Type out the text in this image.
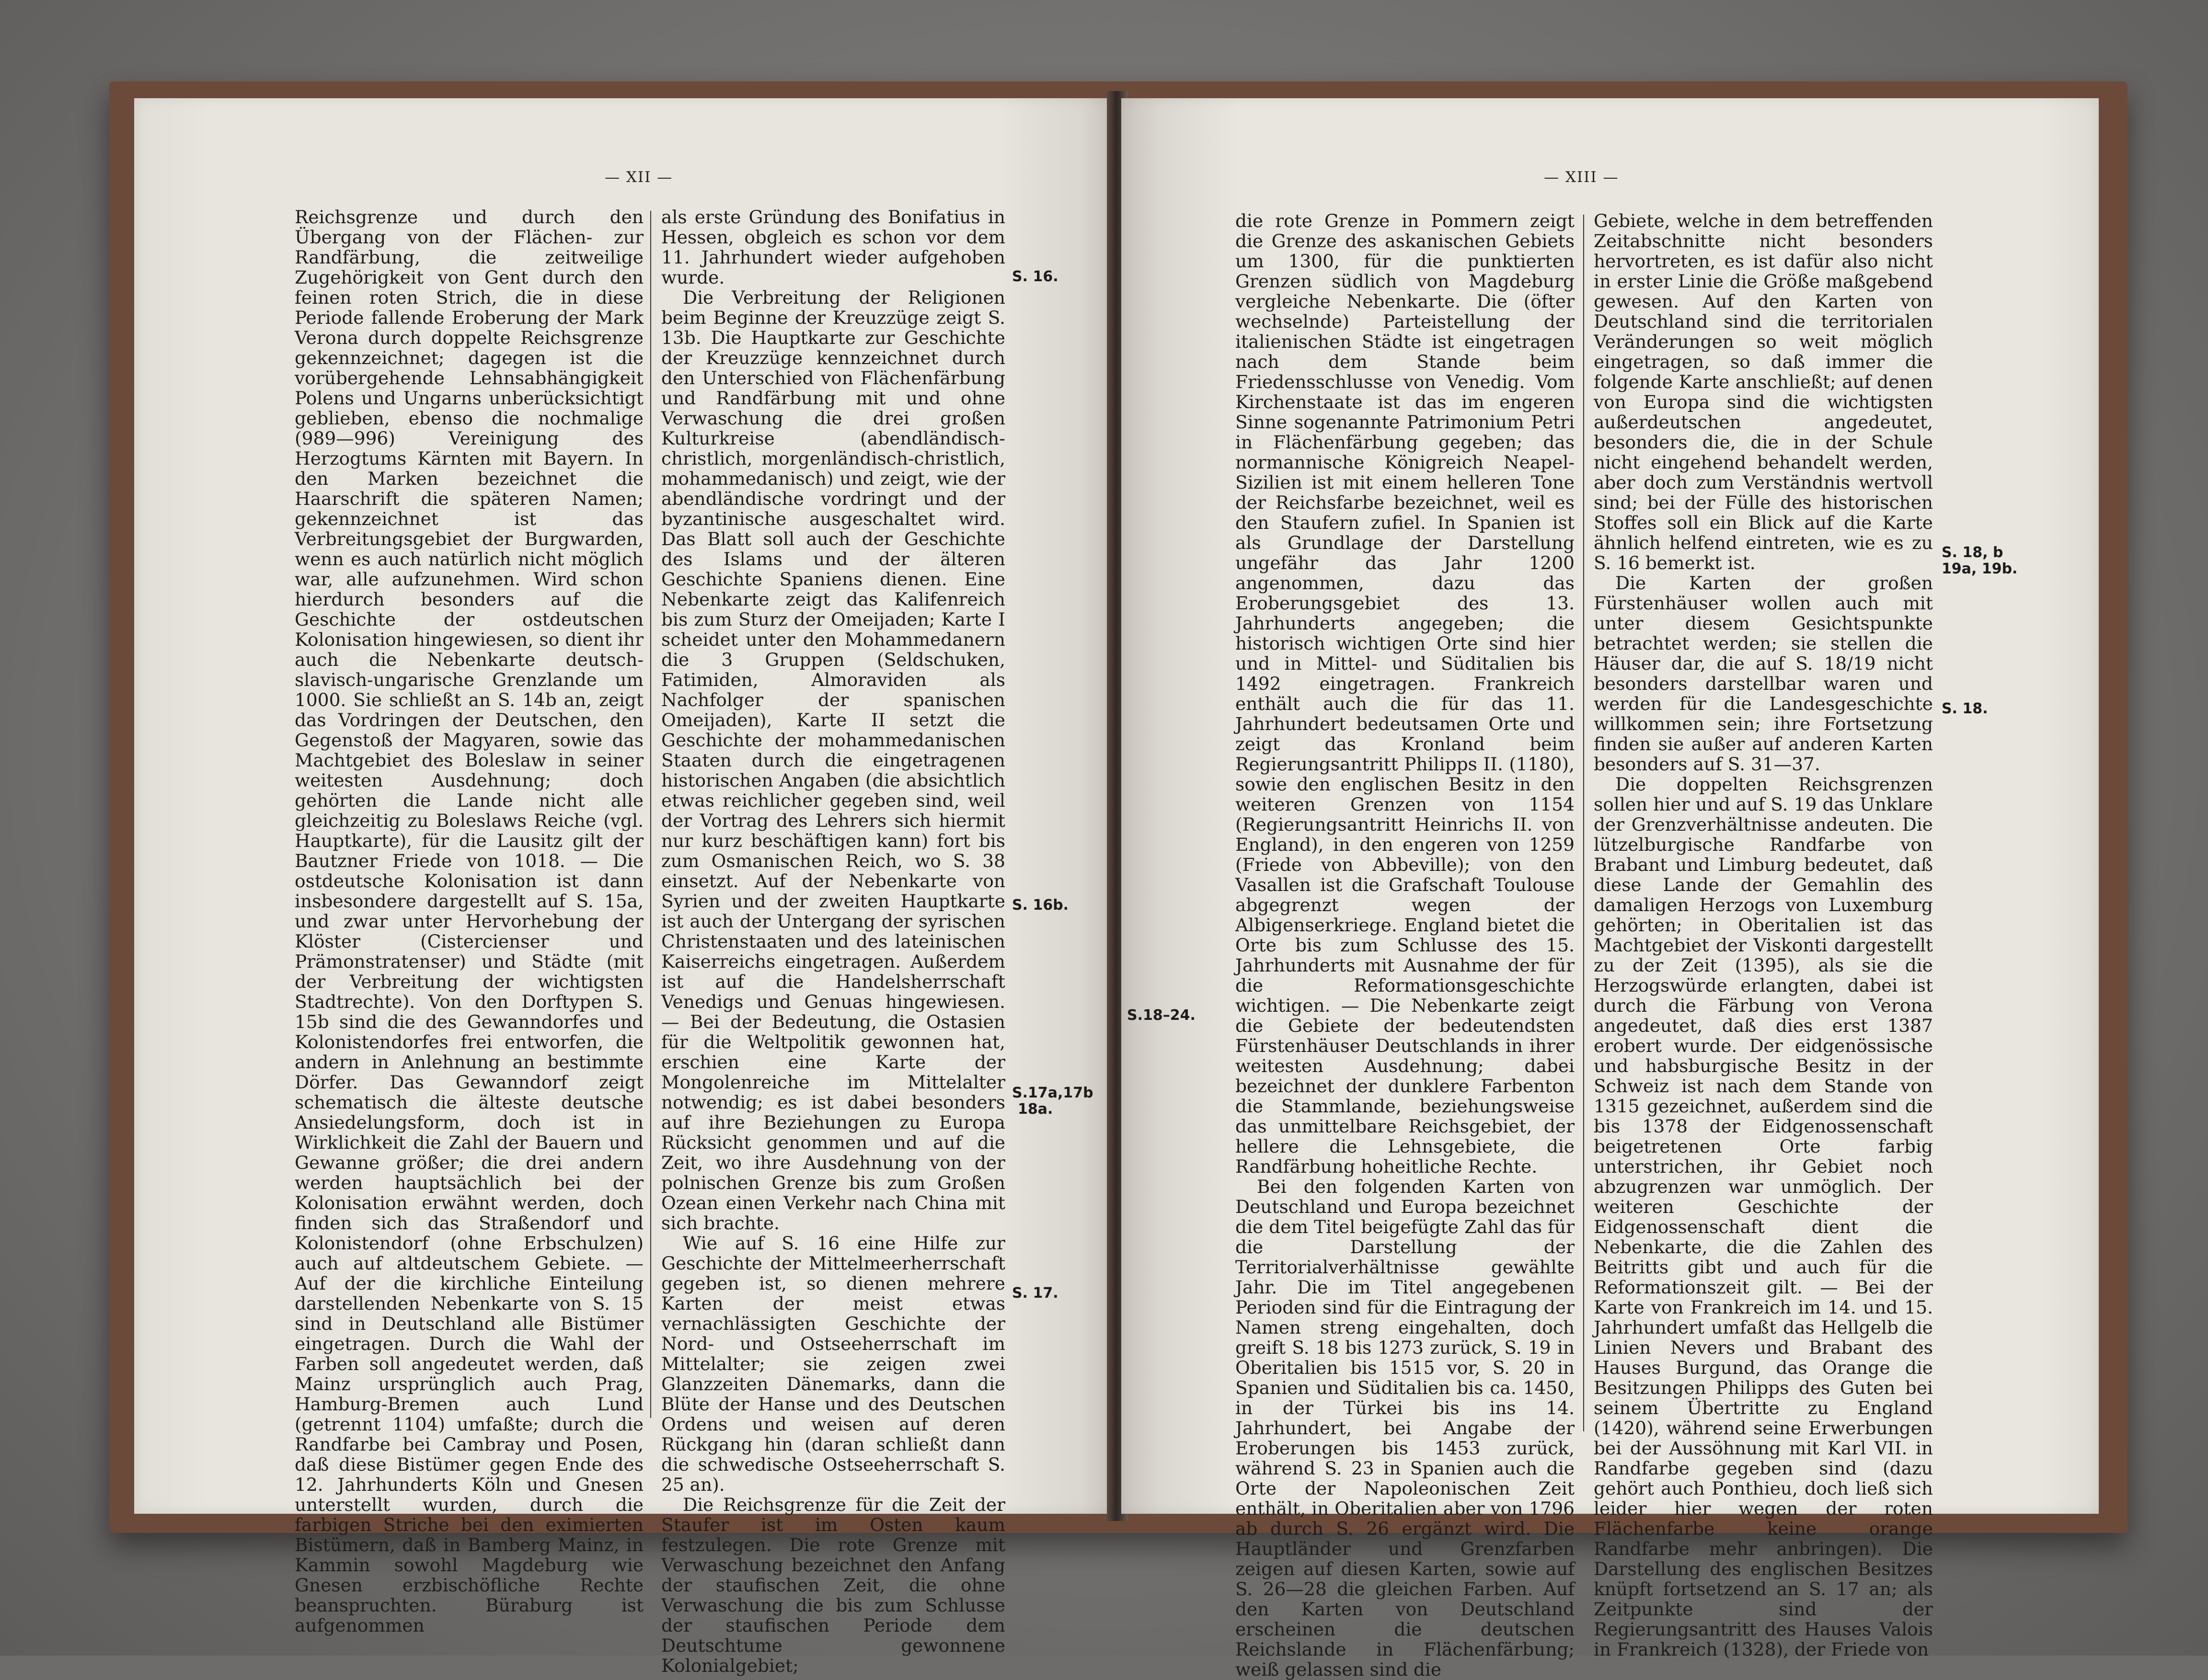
— XII —

Reichsgrenze und durch den Übergang von der Flächen- zur Randfärbung, die zeitweilige Zugehörigkeit von Gent durch den feinen roten Strich, die in diese Periode fallende Eroberung der Mark Verona durch doppelte Reichsgrenze gekennzeichnet; dagegen ist die vorübergehende Lehnsabhängigkeit Polens und Ungarns unberücksichtigt geblieben, ebenso die nochmalige (989—996) Vereinigung des Herzogtums Kärnten mit Bayern. In den Marken bezeichnet die Haarschrift die späteren Namen; gekennzeichnet ist das Verbreitungsgebiet der Burgwarden, wenn es auch natürlich nicht möglich war, alle aufzunehmen. Wird schon hierdurch besonders auf die Geschichte der ostdeutschen Kolonisation hingewiesen, so dient ihr auch die Nebenkarte deutsch-slavisch-ungarische Grenzlande um 1000. Sie schließt an S. 14b an, zeigt das Vordringen der Deutschen, den Gegenstoß der Magyaren, sowie das Machtgebiet des Boleslaw in seiner weitesten Ausdehnung; doch gehörten die Lande nicht alle gleichzeitig zu Boleslaws Reiche (vgl. Hauptkarte), für die Lausitz gilt der Bautzner Friede von 1018. — Die ostdeutsche Kolonisation ist dann insbesondere dargestellt auf S. 15a, und zwar unter Hervorhebung der Klöster (Cistercienser und Prämonstratenser) und Städte (mit der Verbreitung der wichtigsten Stadtrechte). Von den Dorftypen S. 15b sind die des Gewanndorfes und Kolonistendorfes frei entworfen, die andern in Anlehnung an bestimmte Dörfer. Das Gewanndorf zeigt schematisch die älteste deutsche Ansiedelungsform, doch ist in Wirklichkeit die Zahl der Bauern und Gewanne größer; die drei andern werden hauptsächlich bei der Kolonisation erwähnt werden, doch finden sich das Straßendorf und Kolonistendorf (ohne Erbschulzen) auch auf altdeutschem Gebiete. — Auf der die kirchliche Einteilung darstellenden Nebenkarte von S. 15 sind in Deutschland alle Bistümer eingetragen. Durch die Wahl der Farben soll angedeutet werden, daß Mainz ursprünglich auch Prag, Hamburg-Bremen auch Lund (getrennt 1104) umfaßte; durch die Randfarbe bei Cambray und Posen, daß diese Bistümer gegen Ende des 12. Jahrhunderts Köln und Gnesen unterstellt wurden, durch die farbigen Striche bei den eximierten Bistümern, daß in Bamberg Mainz, in Kammin sowohl Magdeburg wie Gnesen erzbischöfliche Rechte beanspruchten. Büraburg ist aufgenommen

als erste Gründung des Bonifatius in Hessen, obgleich es schon vor dem 11. Jahrhundert wieder aufgehoben wurde.

Die Verbreitung der Religionen beim Beginne der Kreuzzüge zeigt S. 13b. Die Hauptkarte zur Geschichte der Kreuzzüge kennzeichnet durch den Unterschied von Flächenfärbung und Randfärbung mit und ohne Verwaschung die drei großen Kulturkreise (abendländisch-christlich, morgenländisch-christlich, mohammedanisch) und zeigt, wie der abendländische vordringt und der byzantinische ausgeschaltet wird. Das Blatt soll auch der Geschichte des Islams und der älteren Geschichte Spaniens dienen. Eine Nebenkarte zeigt das Kalifenreich bis zum Sturz der Omeijaden; Karte I scheidet unter den Mohammedanern die 3 Gruppen (Seldschuken, Fatimiden, Almoraviden als Nachfolger der spanischen Omeijaden), Karte II setzt die Geschichte der mohammedanischen Staaten durch die eingetragenen historischen Angaben (die absichtlich etwas reichlicher gegeben sind, weil der Vortrag des Lehrers sich hiermit nur kurz beschäftigen kann) fort bis zum Osmanischen Reich, wo S. 38 einsetzt. Auf der Nebenkarte von Syrien und der zweiten Hauptkarte ist auch der Untergang der syrischen Christenstaaten und des lateinischen Kaiserreichs eingetragen. Außerdem ist auf die Handelsherrschaft Venedigs und Genuas hingewiesen. — Bei der Bedeutung, die Ostasien für die Weltpolitik gewonnen hat, erschien eine Karte der Mongolenreiche im Mittelalter notwendig; es ist dabei besonders auf ihre Beziehungen zu Europa Rücksicht genommen und auf die Zeit, wo ihre Ausdehnung von der polnischen Grenze bis zum Großen Ozean einen Verkehr nach China mit sich brachte.

Wie auf S. 16 eine Hilfe zur Geschichte der Mittelmeerherrschaft gegeben ist, so dienen mehrere Karten der meist etwas vernachlässigten Geschichte der Nord- und Ostseeherrschaft im Mittelalter; sie zeigen zwei Glanzzeiten Dänemarks, dann die Blüte der Hanse und des Deutschen Ordens und weisen auf deren Rückgang hin (daran schließt dann die schwedische Ostseeherrschaft S. 25 an).

Die Reichsgrenze für die Zeit der Staufer ist im Osten kaum festzulegen. Die rote Grenze mit Verwaschung bezeichnet den Anfang der staufischen Zeit, die ohne Verwaschung die bis zum Schlusse der staufischen Periode dem Deutschtume gewonnene Kolonialgebiet;

S. 16.
S. 16b.
S.17a,17b
18a.
S. 17.
— XIII —

die rote Grenze in Pommern zeigt die Grenze des askanischen Gebiets um 1300, für die punktierten Grenzen südlich von Magdeburg vergleiche Nebenkarte. Die (öfter wechselnde) Parteistellung der italienischen Städte ist eingetragen nach dem Stande beim Friedensschlusse von Venedig. Vom Kirchenstaate ist das im engeren Sinne sogenannte Patrimonium Petri in Flächenfärbung gegeben; das normannische Königreich Neapel-Sizilien ist mit einem helleren Tone der Reichsfarbe bezeichnet, weil es den Staufern zufiel. In Spanien ist als Grundlage der Darstellung ungefähr das Jahr 1200 angenommen, dazu das Eroberungsgebiet des 13. Jahrhunderts angegeben; die historisch wichtigen Orte sind hier und in Mittel- und Süditalien bis 1492 eingetragen. Frankreich enthält auch die für das 11. Jahrhundert bedeutsamen Orte und zeigt das Kronland beim Regierungsantritt Philipps II. (1180), sowie den englischen Besitz in den weiteren Grenzen von 1154 (Regierungsantritt Heinrichs II. von England), in den engeren von 1259 (Friede von Abbeville); von den Vasallen ist die Grafschaft Toulouse abgegrenzt wegen der Albigenserkriege. England bietet die Orte bis zum Schlusse des 15. Jahrhunderts mit Ausnahme der für die Reformationsgeschichte wichtigen. — Die Nebenkarte zeigt die Gebiete der bedeutendsten Fürstenhäuser Deutschlands in ihrer weitesten Ausdehnung; dabei bezeichnet der dunklere Farbenton die Stammlande, beziehungsweise das unmittelbare Reichsgebiet, der hellere die Lehnsgebiete, die Randfärbung hoheitliche Rechte.

Bei den folgenden Karten von Deutschland und Europa bezeichnet die dem Titel beigefügte Zahl das für die Darstellung der Territorialverhältnisse gewählte Jahr. Die im Titel angegebenen Perioden sind für die Eintragung der Namen streng eingehalten, doch greift S. 18 bis 1273 zurück, S. 19 in Oberitalien bis 1515 vor, S. 20 in Spanien und Süditalien bis ca. 1450, in der Türkei bis ins 14. Jahrhundert, bei Angabe der Eroberungen bis 1453 zurück, während S. 23 in Spanien auch die Orte der Napoleonischen Zeit enthält, in Oberitalien aber von 1796 ab durch S. 26 ergänzt wird. Die Hauptländer und Grenzfarben zeigen auf diesen Karten, sowie auf S. 26—28 die gleichen Farben. Auf den Karten von Deutschland erscheinen die deutschen Reichslande in Flächenfärbung; weiß gelassen sind die

Gebiete, welche in dem betreffenden Zeitabschnitte nicht besonders hervortreten, es ist dafür also nicht in erster Linie die Größe maßgebend gewesen. Auf den Karten von Deutschland sind die territorialen Veränderungen so weit möglich eingetragen, so daß immer die folgende Karte anschließt; auf denen von Europa sind die wichtigsten außerdeutschen angedeutet, besonders die, die in der Schule nicht eingehend behandelt werden, aber doch zum Verständnis wertvoll sind; bei der Fülle des historischen Stoffes soll ein Blick auf die Karte ähnlich helfend eintreten, wie es zu S. 16 bemerkt ist.

Die Karten der großen Fürstenhäuser wollen auch mit unter diesem Gesichtspunkte betrachtet werden; sie stellen die Häuser dar, die auf S. 18/19 nicht besonders darstellbar waren und werden für die Landesgeschichte willkommen sein; ihre Fortsetzung finden sie außer auf anderen Karten besonders auf S. 31—37.

Die doppelten Reichsgrenzen sollen hier und auf S. 19 das Unklare der Grenzverhältnisse andeuten. Die lützelburgische Randfarbe von Brabant und Limburg bedeutet, daß diese Lande der Gemahlin des damaligen Herzogs von Luxemburg gehörten; in Oberitalien ist das Machtgebiet der Viskonti dargestellt zu der Zeit (1395), als sie die Herzogswürde erlangten, dabei ist durch die Färbung von Verona angedeutet, daß dies erst 1387 erobert wurde. Der eidgenössische und habsburgische Besitz in der Schweiz ist nach dem Stande von 1315 gezeichnet, außerdem sind die bis 1378 der Eidgenossenschaft beigetretenen Orte farbig unterstrichen, ihr Gebiet noch abzugrenzen war unmöglich. Der weiteren Geschichte der Eidgenossenschaft dient die Nebenkarte, die die Zahlen des Beitritts gibt und auch für die Reformationszeit gilt. — Bei der Karte von Frankreich im 14. und 15. Jahrhundert umfaßt das Hellgelb die Linien Nevers und Brabant des Hauses Burgund, das Orange die Besitzungen Philipps des Guten bei seinem Übertritte zu England (1420), während seine Erwerbungen bei der Aussöhnung mit Karl VII. in Randfarbe gegeben sind (dazu gehört auch Ponthieu, doch ließ sich leider hier wegen der roten Flächenfarbe keine orange Randfarbe mehr anbringen). Die Darstellung des englischen Besitzes knüpft fortsetzend an S. 17 an; als Zeitpunkte sind der Regierungsantritt des Hauses Valois in Frankreich (1328), der Friede von

S. 18, b
19a, 19b.
S. 18.
S.18–24.
